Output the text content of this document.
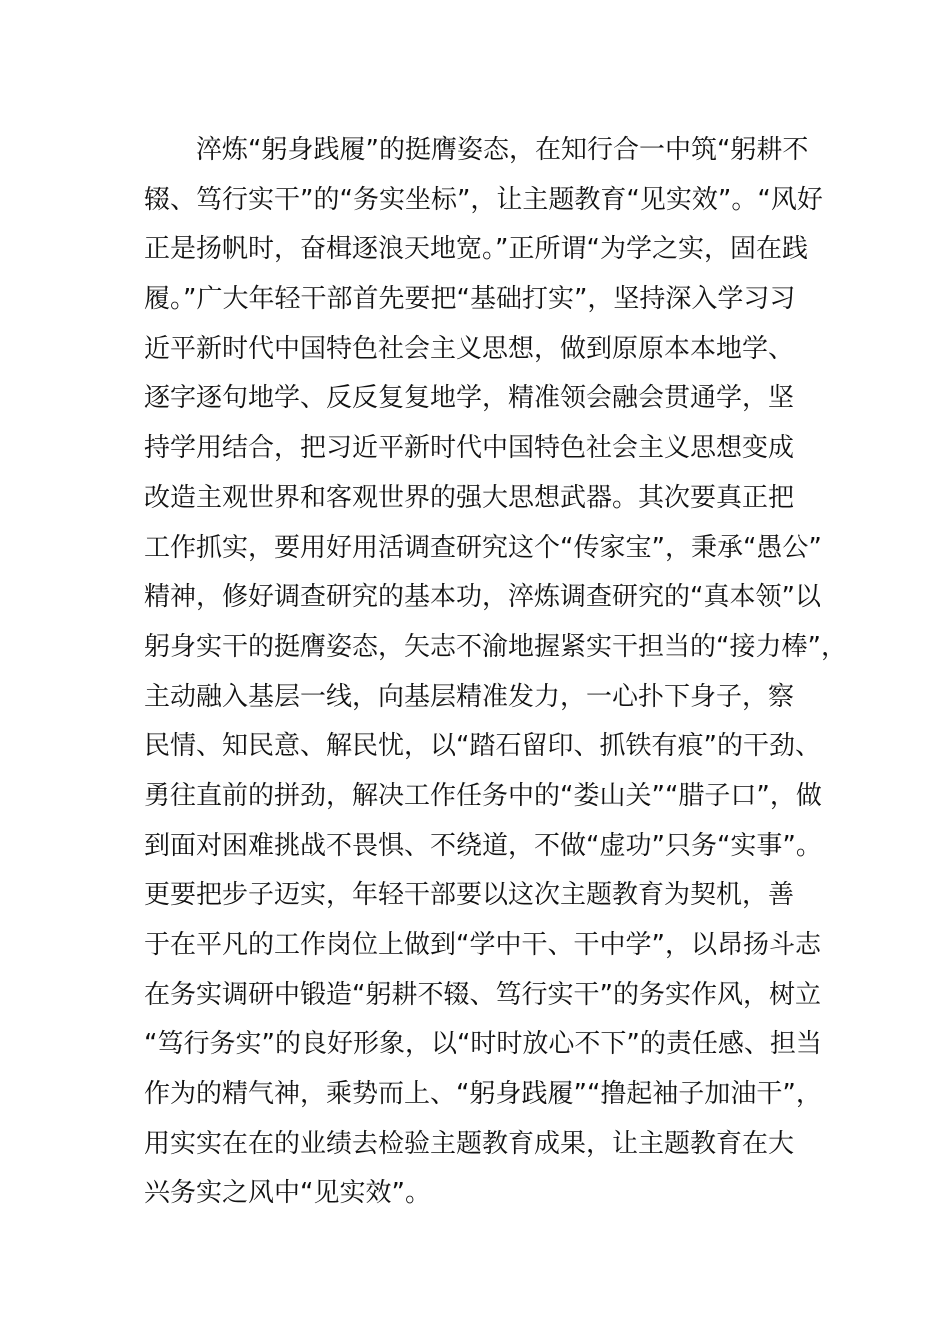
　　淬炼“躬身践履”的挺膺姿态，在知行合一中筑“躬耕不
辍、笃行实干”的“务实坐标”，让主题教育“见实效”。“风好
正是扬帆时，奋楫逐浪天地宽。”正所谓“为学之实，固在践
履。”广大年轻干部首先要把“基础打实”，坚持深入学习习
近平新时代中国特色社会主义思想，做到原原本本地学、
逐字逐句地学、反反复复地学，精准领会融会贯通学，坚
持学用结合，把习近平新时代中国特色社会主义思想变成
改造主观世界和客观世界的强大思想武器。其次要真正把
工作抓实，要用好用活调查研究这个“传家宝”，秉承“愚公”
精神，修好调查研究的基本功，淬炼调查研究的“真本领”以
躬身实干的挺膺姿态，矢志不渝地握紧实干担当的“接力棒”，
主动融入基层一线，向基层精准发力，一心扑下身子，察
民情、知民意、解民忧，以“踏石留印、抓铁有痕”的干劲、
勇往直前的拼劲，解决工作任务中的“娄山关”“腊子口”，做
到面对困难挑战不畏惧、不绕道，不做“虚功”只务“实事”。
更要把步子迈实，年轻干部要以这次主题教育为契机，善
于在平凡的工作岗位上做到“学中干、干中学”，以昂扬斗志
在务实调研中锻造“躬耕不辍、笃行实干”的务实作风，树立
“笃行务实”的良好形象，以“时时放心不下”的责任感、担当
作为的精气神，乘势而上、“躬身践履”“撸起袖子加油干”，
用实实在在的业绩去检验主题教育成果，让主题教育在大
兴务实之风中“见实效”。
